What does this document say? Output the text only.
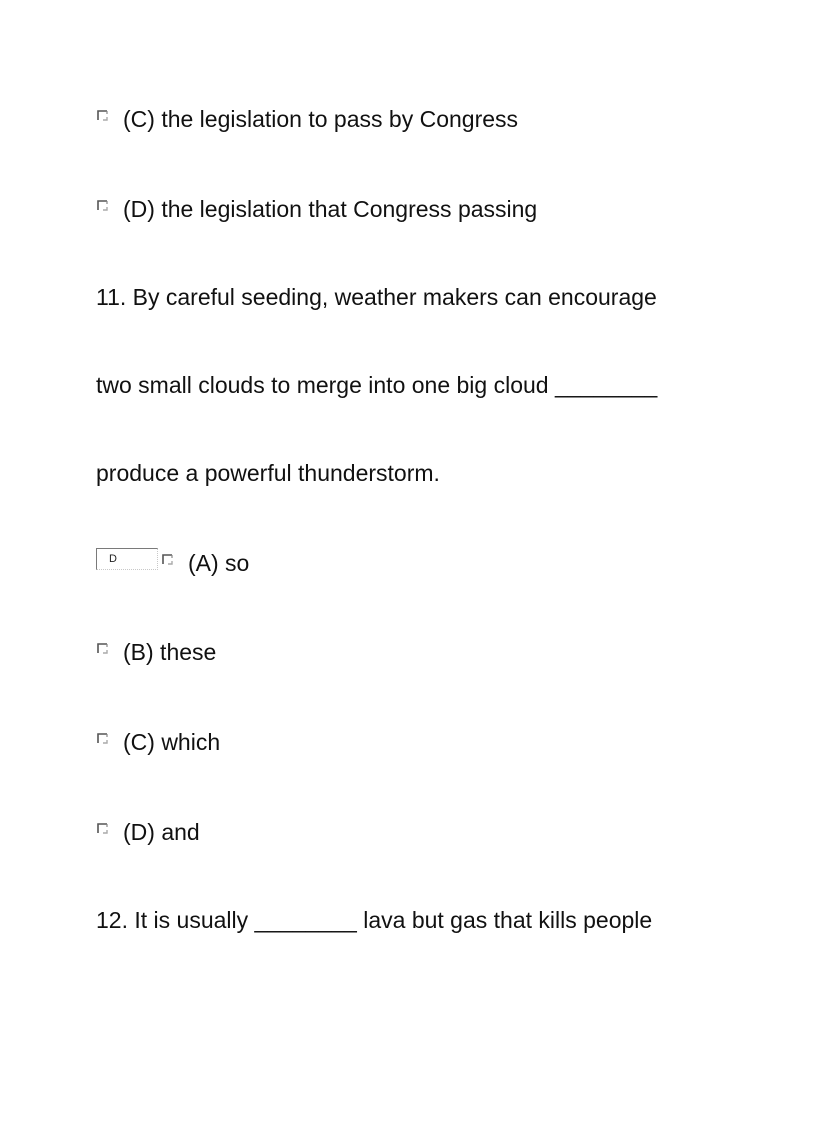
(C) the legislation to pass by Congress
(D) the legislation that Congress passing
11. By careful seeding, weather makers can encourage
two small clouds to merge into one big cloud ________
produce a powerful thunderstorm.
D	(A) so
(B) these
(C) which
(D) and
12. It is usually ________ lava but gas that kills people
